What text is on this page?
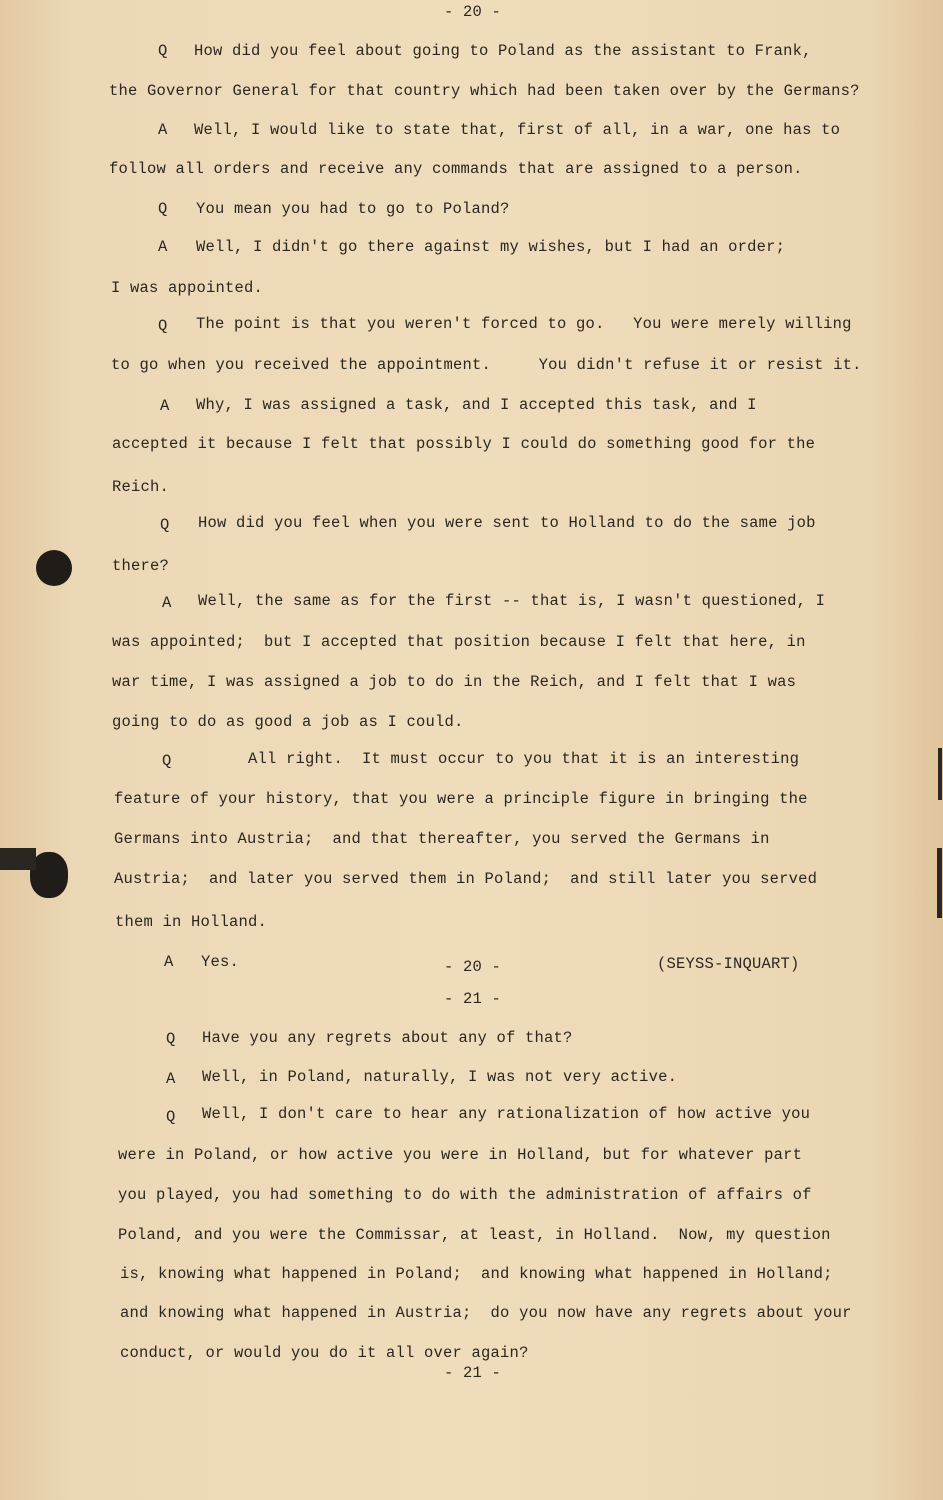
- 20 -
Q How did you feel about going to Poland as the assistant to Frank,
the Governor General for that country which had been taken over by the Germans?
A Well, I would like to state that, first of all, in a war, one has to
follow all orders and receive any commands that are assigned to a person.
Q You mean you had to go to Poland?
A Well, I didn't go there against my wishes, but I had an order;
I was appointed.
Q The point is that you weren't forced to go.   You were merely willing
to go when you received the appointment.     You didn't refuse it or resist it.
A Why, I was assigned a task, and I accepted this task, and I
accepted it because I felt that possibly I could do something good for the
Reich.
Q How did you feel when you were sent to Holland to do the same job
there?
A Well, the same as for the first -- that is, I wasn't questioned, I
was appointed;  but I accepted that position because I felt that here, in
war time, I was assigned a job to do in the Reich, and I felt that I was
going to do as good a job as I could.
Q	All right.  It must occur to you that it is an interesting
feature of your history, that you were a principle figure in bringing the
Germans into Austria;  and that thereafter, you served the Germans in
Austria;  and later you served them in Poland;  and still later you served
them in Holland.
A Yes.	- 20 -	(SEYSS-INQUART)
- 21 -
Q Have you any regrets about any of that?
A Well, in Poland, naturally, I was not very active.
Q Well, I don't care to hear any rationalization of how active you
were in Poland, or how active you were in Holland, but for whatever part
you played, you had something to do with the administration of affairs of
Poland, and you were the Commissar, at least, in Holland.  Now, my question
is, knowing what happened in Poland;  and knowing what happened in Holland;
and knowing what happened in Austria;  do you now have any regrets about your
conduct, or would you do it all over again?
- 21 -
